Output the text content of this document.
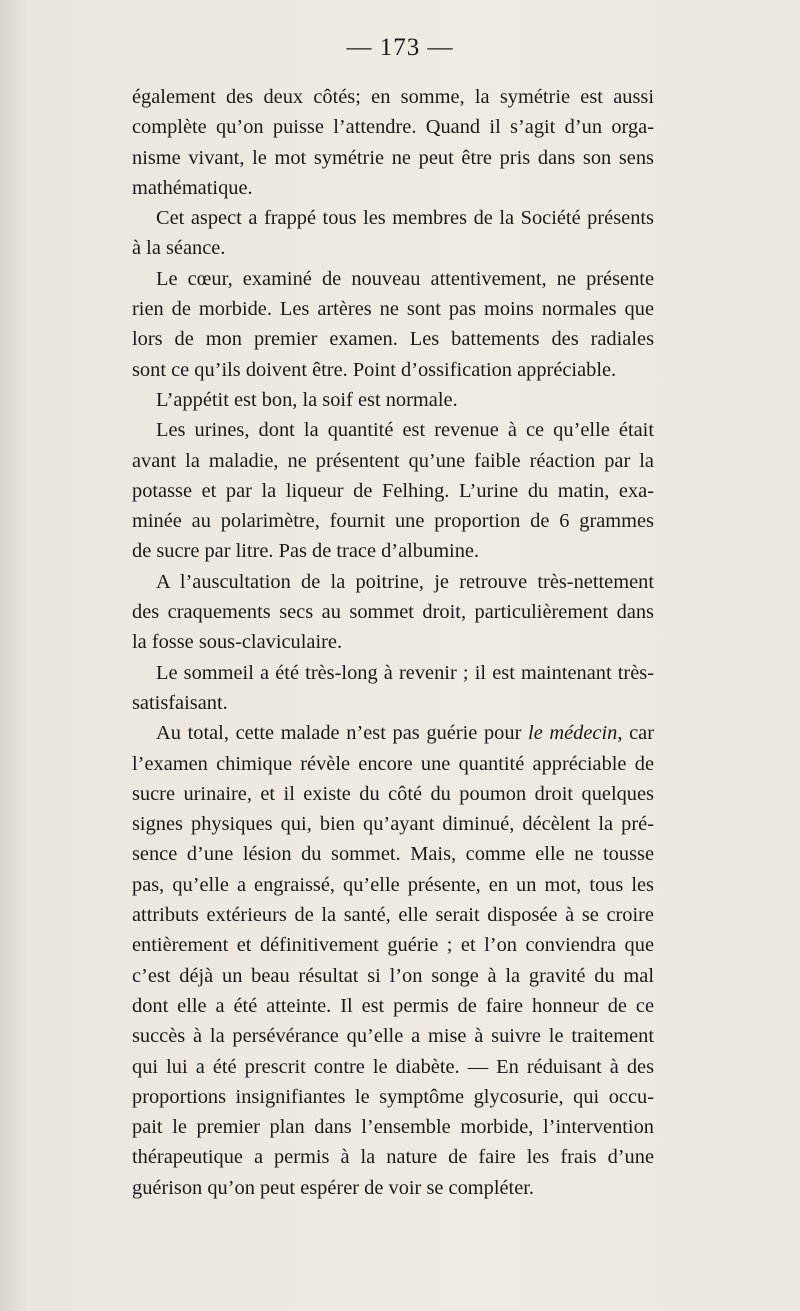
— 173 —
également des deux côtés; en somme, la symétrie est aussi
complète qu’on puisse l’attendre. Quand il s’agit d’un orga-
nisme vivant, le mot symétrie ne peut être pris dans son sens
mathématique.
Cet aspect a frappé tous les membres de la Société présents
à la séance.
Le cœur, examiné de nouveau attentivement, ne présente
rien de morbide. Les artères ne sont pas moins normales que
lors de mon premier examen. Les battements des radiales
sont ce qu’ils doivent être. Point d’ossification appréciable.
L’appétit est bon, la soif est normale.
Les urines, dont la quantité est revenue à ce qu’elle était
avant la maladie, ne présentent qu’une faible réaction par la
potasse et par la liqueur de Felhing. L’urine du matin, exa-
minée au polarimètre, fournit une proportion de 6 grammes
de sucre par litre. Pas de trace d’albumine.
A l’auscultation de la poitrine, je retrouve très-nettement
des craquements secs au sommet droit, particulièrement dans
la fosse sous-claviculaire.
Le sommeil a été très-long à revenir ; il est maintenant très-
satisfaisant.
Au total, cette malade n’est pas guérie pour le médecin, car
l’examen chimique révèle encore une quantité appréciable de
sucre urinaire, et il existe du côté du poumon droit quelques
signes physiques qui, bien qu’ayant diminué, décèlent la pré-
sence d’une lésion du sommet. Mais, comme elle ne tousse
pas, qu’elle a engraissé, qu’elle présente, en un mot, tous les
attributs extérieurs de la santé, elle serait disposée à se croire
entièrement et définitivement guérie ; et l’on conviendra que
c’est déjà un beau résultat si l’on songe à la gravité du mal
dont elle a été atteinte. Il est permis de faire honneur de ce
succès à la persévérance qu’elle a mise à suivre le traitement
qui lui a été prescrit contre le diabète. — En réduisant à des
proportions insignifiantes le symptôme glycosurie, qui occu-
pait le premier plan dans l’ensemble morbide, l’intervention
thérapeutique a permis à la nature de faire les frais d’une
guérison qu’on peut espérer de voir se compléter.
